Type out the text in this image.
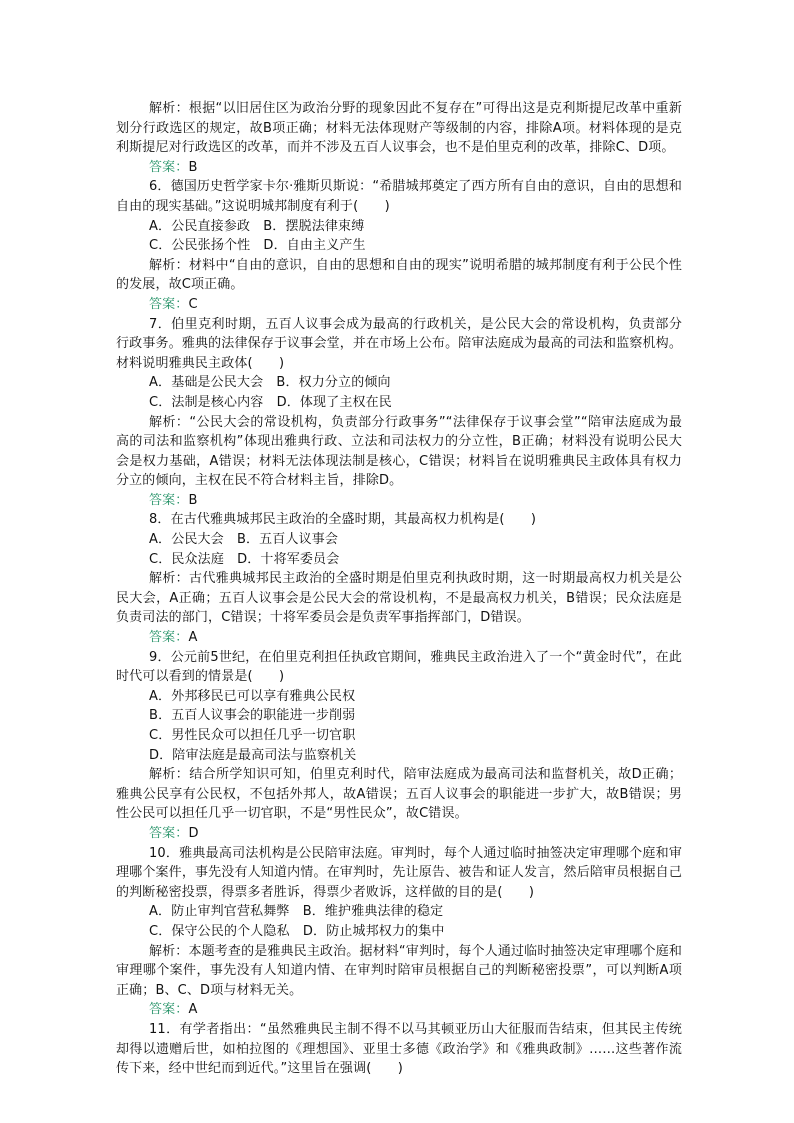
解析：根据“以旧居住区为政治分野的现象因此不复存在”可得出这是克利斯提尼改革中重新划分行政选区的规定，故B项正确；材料无法体现财产等级制的内容，排除A项。材料体现的是克利斯提尼对行政选区的改革，而并不涉及五百人议事会，也不是伯里克利的改革，排除C、D项。

答案：B

6．德国历史哲学家卡尔·雅斯贝斯说：“希腊城邦奠定了西方所有自由的意识，自由的思想和自由的现实基础。”这说明城邦制度有利于(　　)

A．公民直接参政　B．摆脱法律束缚

C．公民张扬个性　D．自由主义产生

解析：材料中“自由的意识，自由的思想和自由的现实”说明希腊的城邦制度有利于公民个性的发展，故C项正确。

答案：C

7．伯里克利时期，五百人议事会成为最高的行政机关，是公民大会的常设机构，负责部分行政事务。雅典的法律保存于议事会堂，并在市场上公布。陪审法庭成为最高的司法和监察机构。材料说明雅典民主政体(　　)

A．基础是公民大会　B．权力分立的倾向

C．法制是核心内容　D．体现了主权在民

解析：“公民大会的常设机构，负责部分行政事务”“法律保存于议事会堂”“陪审法庭成为最高的司法和监察机构”体现出雅典行政、立法和司法权力的分立性，B正确；材料没有说明公民大会是权力基础，A错误；材料无法体现法制是核心，C错误；材料旨在说明雅典民主政体具有权力分立的倾向，主权在民不符合材料主旨，排除D。

答案：B

8．在古代雅典城邦民主政治的全盛时期，其最高权力机构是(　　)

A．公民大会　B．五百人议事会

C．民众法庭　D．十将军委员会

解析：古代雅典城邦民主政治的全盛时期是伯里克利执政时期，这一时期最高权力机关是公民大会，A正确；五百人议事会是公民大会的常设机构，不是最高权力机关，B错误；民众法庭是负责司法的部门，C错误；十将军委员会是负责军事指挥部门，D错误。

答案：A

9．公元前5世纪，在伯里克利担任执政官期间，雅典民主政治进入了一个“黄金时代”，在此时代可以看到的情景是(　　)

A．外邦移民已可以享有雅典公民权

B．五百人议事会的职能进一步削弱

C．男性民众可以担任几乎一切官职

D．陪审法庭是最高司法与监察机关

解析：结合所学知识可知，伯里克利时代，陪审法庭成为最高司法和监督机关，故D正确；雅典公民享有公民权，不包括外邦人，故A错误；五百人议事会的职能进一步扩大，故B错误；男性公民可以担任几乎一切官职，不是“男性民众”，故C错误。

答案：D

10．雅典最高司法机构是公民陪审法庭。审判时，每个人通过临时抽签决定审理哪个庭和审理哪个案件，事先没有人知道内情。在审判时，先让原告、被告和证人发言，然后陪审员根据自己的判断秘密投票，得票多者胜诉，得票少者败诉，这样做的目的是(　　)

A．防止审判官营私舞弊　B．维护雅典法律的稳定

C．保守公民的个人隐私　D．防止城邦权力的集中

解析：本题考查的是雅典民主政治。据材料“审判时，每个人通过临时抽签决定审理哪个庭和审理哪个案件，事先没有人知道内情、在审判时陪审员根据自己的判断秘密投票”，可以判断A项正确；B、C、D项与材料无关。

答案：A

11．有学者指出：“虽然雅典民主制不得不以马其顿亚历山大征服而告结束，但其民主传统却得以遗赠后世，如柏拉图的《理想国》、亚里士多德《政治学》和《雅典政制》……这些著作流传下来，经中世纪而到近代。”这里旨在强调(　　)
